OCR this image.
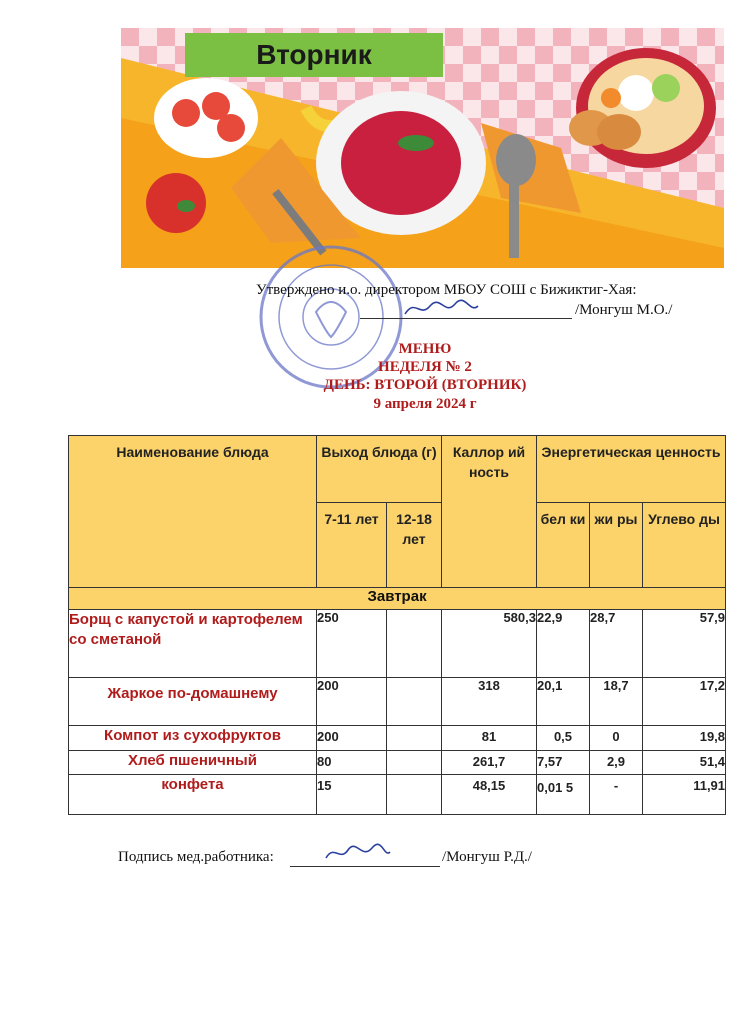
Вторник
Утверждено и.о. директором МБОУ СОШ с Бижиктиг-Хая:
/Монгуш М.О./
МЕНЮ
НЕДЕЛЯ № 2
ДЕНЬ: ВТОРОЙ (ВТОРНИК)
9 апреля 2024 г
Наименование блюда	Выход блюда (г)		Каллор ий ность	Энергетическая ценность		
	7-11 лет	12-18 лет		бел ки	жи ры	Углево ды
Завтрак						
Борщ с капустой и картофелем со сметаной	250		580,3	22,9	28,7	57,9
Жаркое по-домашнему	200		318	20,1	18,7	17,2
Компот из сухофруктов	200		81	0,5	0	19,8
Хлеб пшеничный	80		261,7	7,57	2,9	51,4
конфета	15		48,15	0,01 5	-	11,91
Подпись мед.работника:	/Монгуш Р.Д./
